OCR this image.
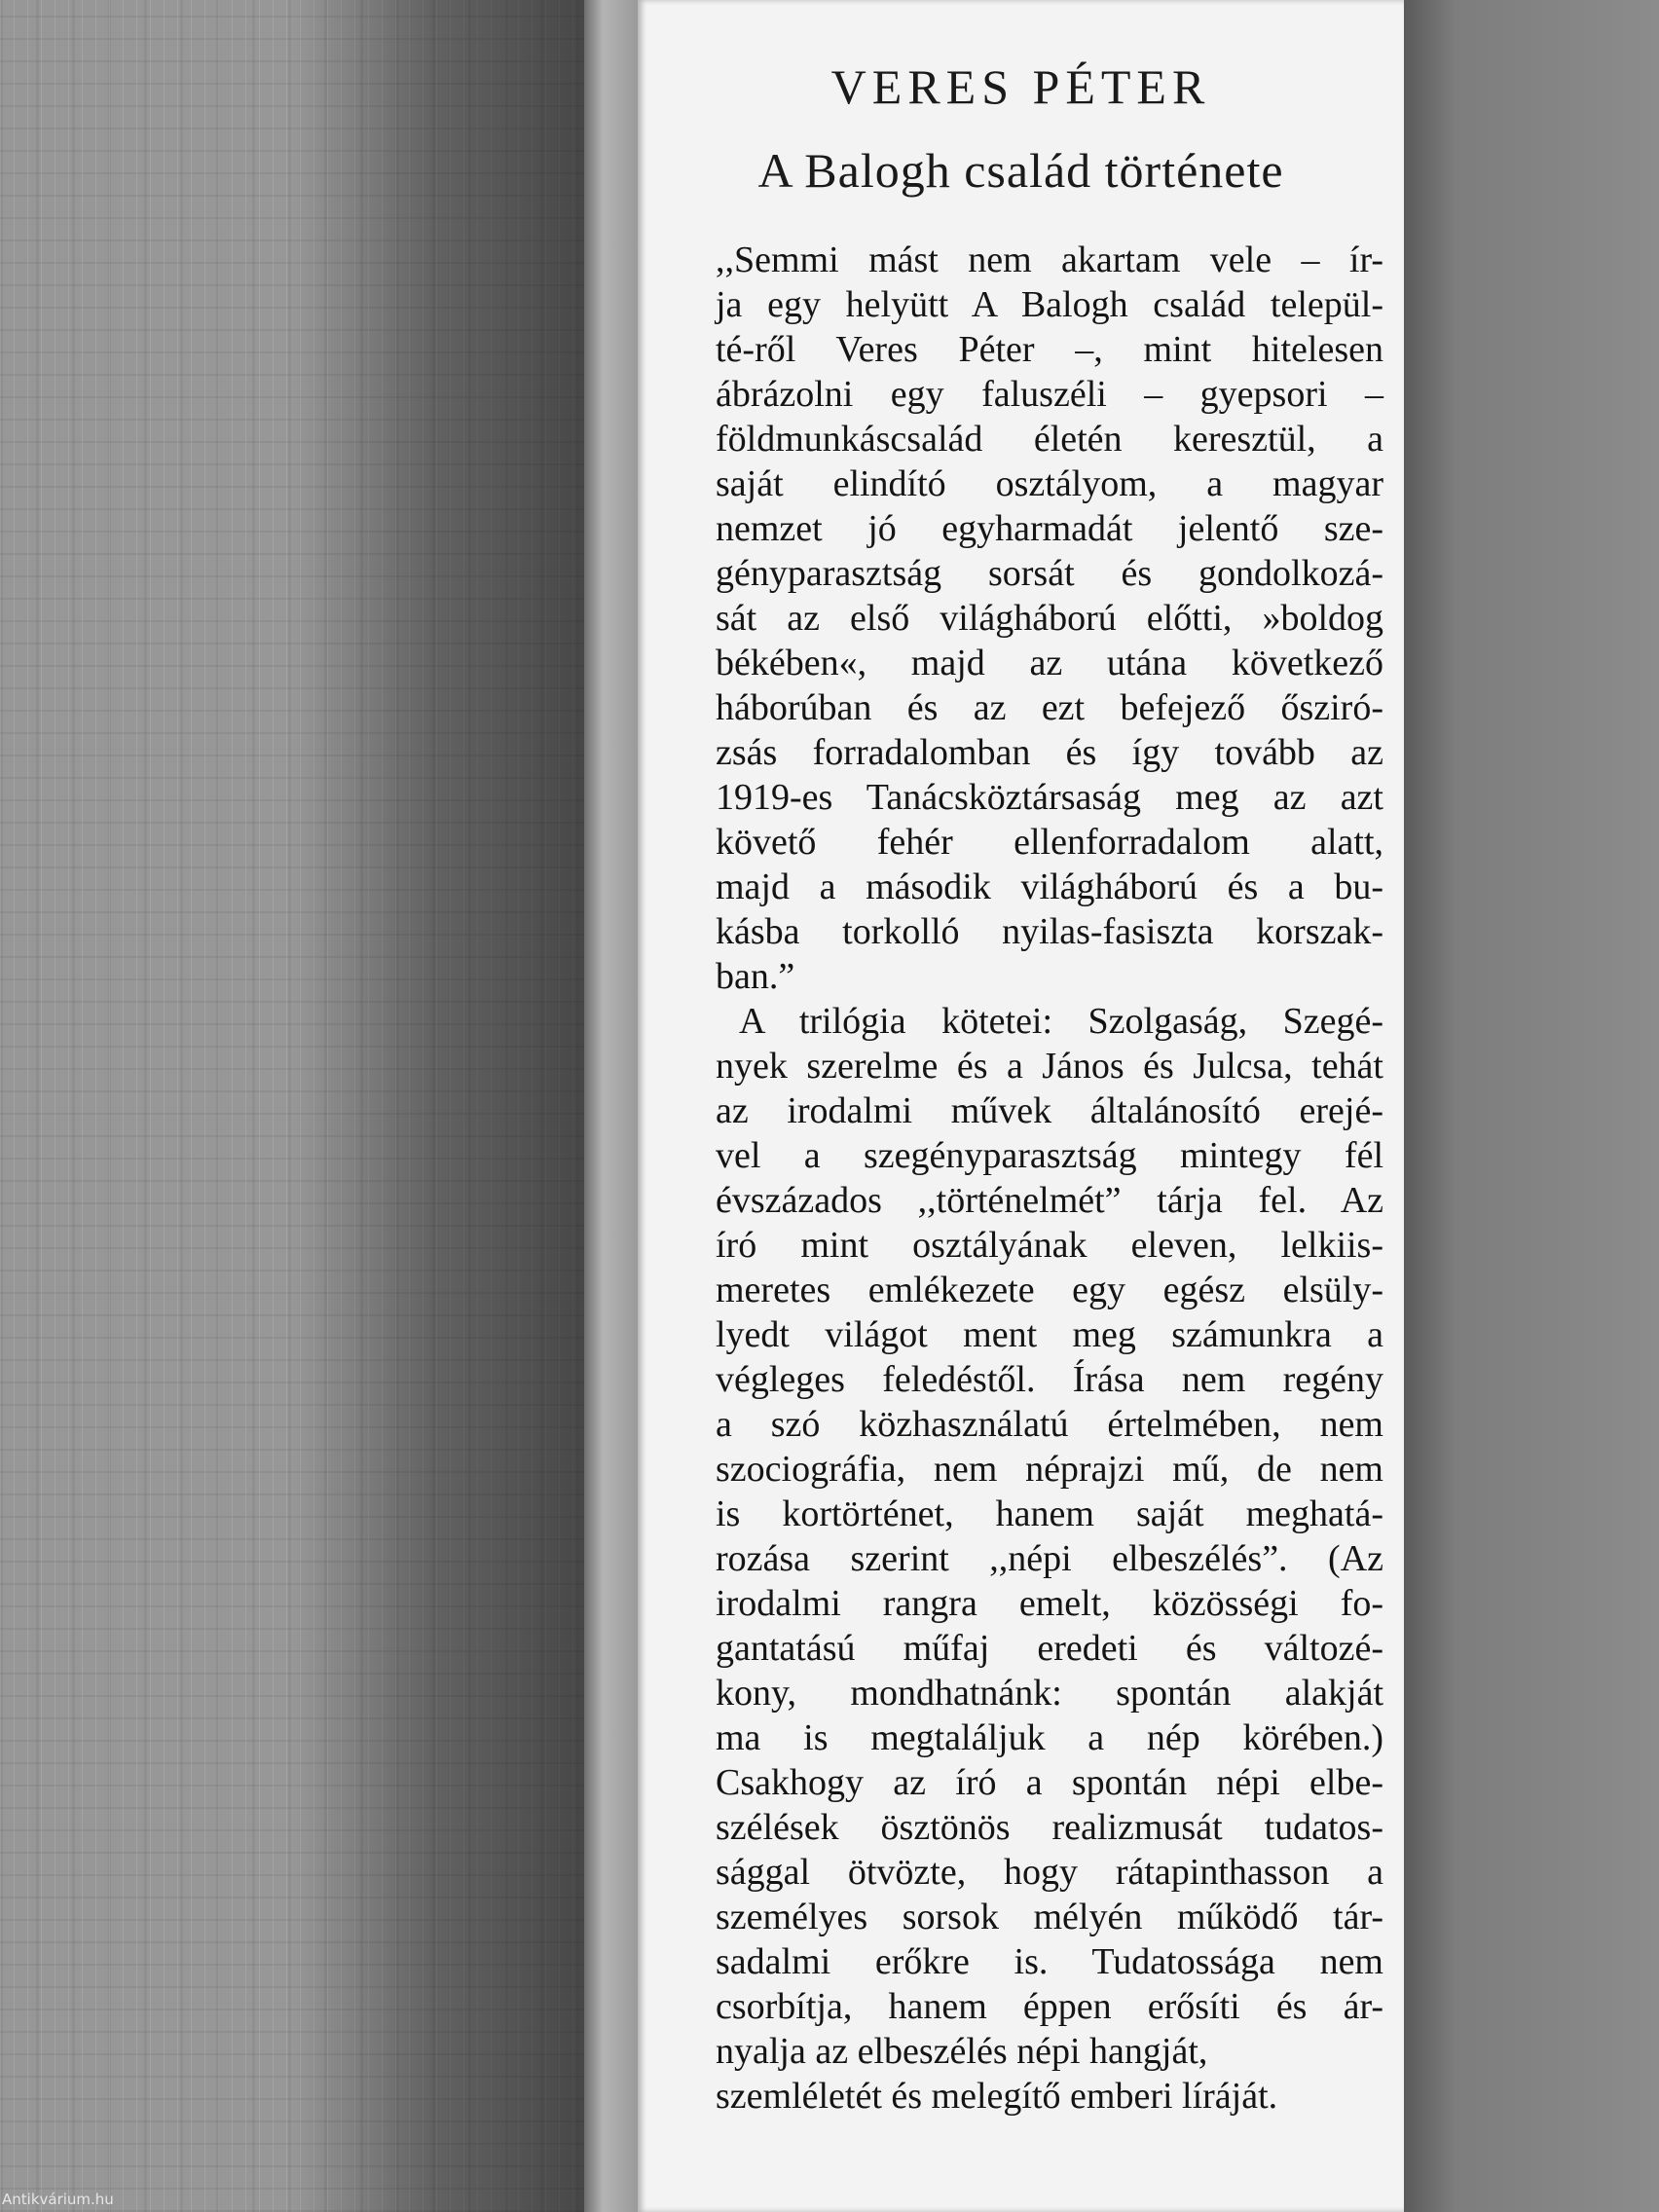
VERES PÉTER
A Balogh család története
,,Semmi mást nem akartam vele – ír-
ja egy helyütt A Balogh család települ-
té-ről Veres Péter –, mint hitelesen
ábrázolni egy faluszéli – gyepsori –
földmunkáscsalád életén keresztül, a
saját elindító osztályom, a magyar
nemzet jó egyharmadát jelentő sze-
gényparasztság sorsát és gondolkozá-
sát az első világháború előtti, »boldog
békében«, majd az utána következő
háborúban és az ezt befejező ősziró-
zsás forradalomban és így tovább az
1919-es Tanácsköztársaság meg az azt
követő fehér ellenforradalom alatt,
majd a második világháború és a bu-
kásba torkolló nyilas-fasiszta korszak-
ban.”
A trilógia kötetei: Szolgaság, Szegé-
nyek szerelme és a János és Julcsa, tehát
az irodalmi művek általánosító erejé-
vel a szegényparasztság mintegy fél
évszázados ,,történelmét” tárja fel. Az
író mint osztályának eleven, lelkiis-
meretes emlékezete egy egész elsüly-
lyedt világot ment meg számunkra a
végleges feledéstől. Írása nem regény
a szó közhasználatú értelmében, nem
szociográfia, nem néprajzi mű, de nem
is kortörténet, hanem saját meghatá-
rozása szerint ,,népi elbeszélés”. (Az
irodalmi rangra emelt, közösségi fo-
gantatású műfaj eredeti és változé-
kony, mondhatnánk: spontán alakját
ma is megtaláljuk a nép körében.)
Csakhogy az író a spontán népi elbe-
szélések ösztönös realizmusát tudatos-
sággal ötvözte, hogy rátapinthasson a
személyes sorsok mélyén működő tár-
sadalmi erőkre is. Tudatossága nem
csorbítja, hanem éppen erősíti és ár-
nyalja az elbeszélés népi hangját,
szemléletét és melegítő emberi líráját.
Antikvárium.hu
